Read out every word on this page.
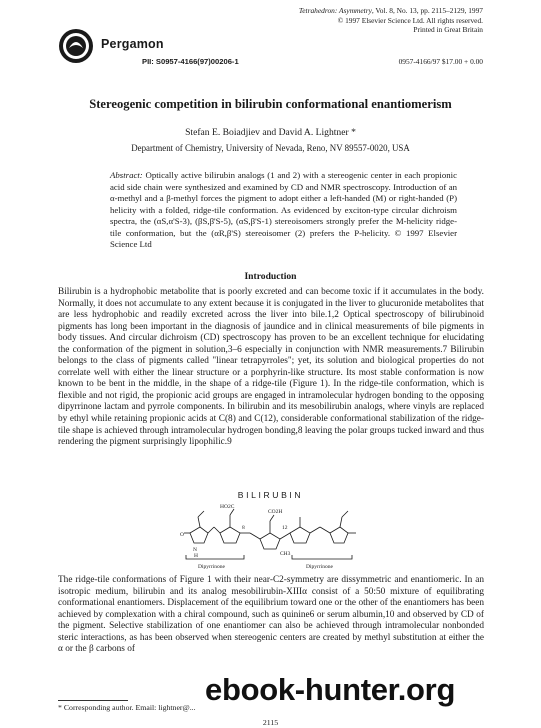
Pergamon
Tetrahedron: Asymmetry, Vol. 8, No. 13, pp. 2115–2129, 1997
© 1997 Elsevier Science Ltd. All rights reserved.
Printed in Great Britain
PII: S0957-4166(97)00206-1	0957-4166/97 $17.00 + 0.00
Stereogenic competition in bilirubin conformational enantiomerism
Stefan E. Boiadjiev and David A. Lightner *
Department of Chemistry, University of Nevada, Reno, NV 89557-0020, USA
Abstract: Optically active bilirubin analogs (1 and 2) with a stereogenic center in each propionic acid side chain were synthesized and examined by CD and NMR spectroscopy. Introduction of an α-methyl and a β-methyl forces the pigment to adopt either a left-handed (M) or right-handed (P) helicity with a folded, ridge-tile conformation. As evidenced by exciton-type circular dichroism spectra, the (αS,α'S-3), (βS,β'S-5), (αS,β'S-1) stereoisomers strongly prefer the M-helicity ridge-tile conformation, but the (αR,β'S) stereoisomer (2) prefers the P-helicity. © 1997 Elsevier Science Ltd
Introduction
Bilirubin is a hydrophobic metabolite that is poorly excreted and can become toxic if it accumulates in the body. Normally, it does not accumulate to any extent because it is conjugated in the liver to glucuronide metabolites that are less hydrophobic and readily excreted across the liver into bile.1,2 Optical spectroscopy of bilirubinoid pigments has long been important in the diagnosis of jaundice and in clinical measurements of bile pigments in body tissues. And circular dichroism (CD) spectroscopy has proven to be an excellent technique for elucidating the conformation of the pigment in solution,3–6 especially in conjunction with NMR measurements.7 Bilirubin belongs to the class of pigments called "linear tetrapyrroles"; yet, its solution and biological properties do not correlate well with either the linear structure or a porphyrin-like structure. Its most stable conformation is now known to be bent in the middle, in the shape of a ridge-tile (Figure 1). In the ridge-tile conformation, which is flexible and not rigid, the propionic acid groups are engaged in intramolecular hydrogen bonding to the opposing dipyrrinone lactam and pyrrole components. In bilirubin and its mesobilirubin analogs, where vinyls are replaced by ethyl while retaining propionic acids at C(8) and C(12), considerable conformational stabilization of the ridge-tile shape is achieved through intramolecular hydrogen bonding,8 leaving the polar groups tucked inward and thus rendering the pigment surprisingly lipophilic.9
BILIRUBIN
HO2C
CO2H
CH3
N
H
O
Dipyrrinone	Dipyrrinone
8	12
The ridge-tile conformations of Figure 1 with their near-C2-symmetry are dissymmetric and enantiomeric. In an isotropic medium, bilirubin and its analog mesobilirubin-XIIIα consist of a 50:50 mixture of equilibrating conformational enantiomers. Displacement of the equilibrium toward one or the other of the enantiomers has been achieved by complexation with a chiral compound, such as quinine6 or serum albumin,10 and observed by CD of the pigment. Selective stabilization of one enantiomer can also be achieved through intramolecular nonbonded steric interactions, as has been observed when stereogenic centers are created by methyl substitution at either the α or the β carbons of
* Corresponding author. Email: lightner@...
2115
ebook-hunter.org
